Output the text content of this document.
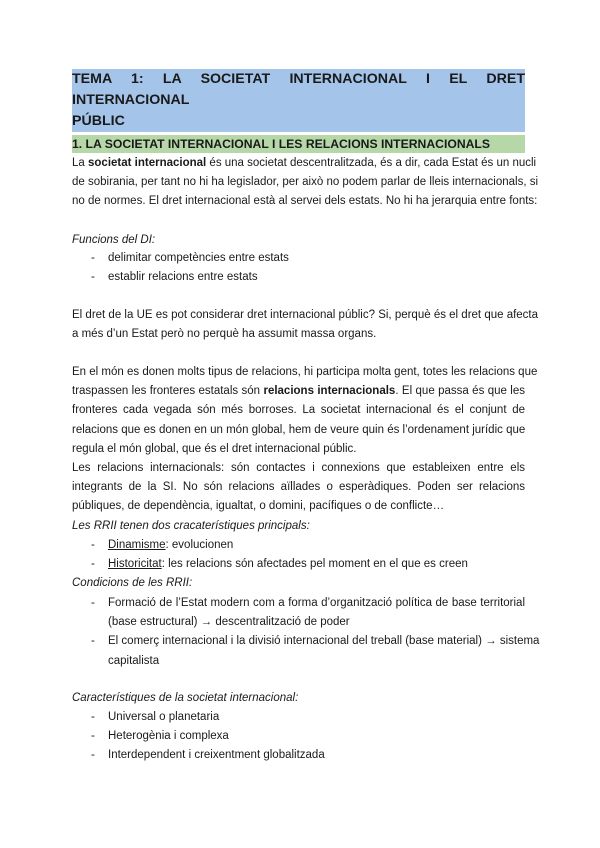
TEMA 1: LA SOCIETAT INTERNACIONAL I EL DRET INTERNACIONAL
PÚBLIC
1. LA SOCIETAT INTERNACIONAL I LES RELACIONS INTERNACIONALS
La societat internacional és una societat descentralitzada, és a dir, cada Estat és un nucli
de sobirania, per tant no hi ha legislador, per això no podem parlar de lleis internacionals, si
no de normes. El dret internacional està al servei dels estats. No hi ha jerarquia entre fonts:
Funcions del DI:
- delimitar competències entre estats
- establir relacions entre estats
El dret de la UE es pot considerar dret internacional públic? Si, perquè és el dret que afecta
a més d’un Estat però no perquè ha assumit massa organs.
En el món es donen molts tipus de relacions, hi participa molta gent, totes les relacions que
traspassen les fronteres estatals són relacions internacionals. El que passa és que les
fronteres cada vegada són més borroses. La societat internacional és el conjunt de
relacions que es donen en un món global, hem de veure quin és l’ordenament jurídic que
regula el món global, que és el dret internacional públic.
Les relacions internacionals: són contactes i connexions que estableixen entre els
integrants de la SI. No són relacions aïllades o esperàdiques. Poden ser relacions
públiques, de dependència, igualtat, o domini, pacífiques o de conflicte…
Les RRII tenen dos cracaterístiques principals:
- Dinamisme: evolucionen
- Historicitat: les relacions són afectades pel moment en el que es creen
Condicions de les RRII:
- Formació de l’Estat modern com a forma d’organització política de base territorial
(base estructural) → descentralització de poder
- El comerç internacional i la divisió internacional del treball (base material) → sistema
capitalista
Característiques de la societat internacional:
- Universal o planetaria
- Heterogènia i complexa
- Interdependent i creixentment globalitzada
